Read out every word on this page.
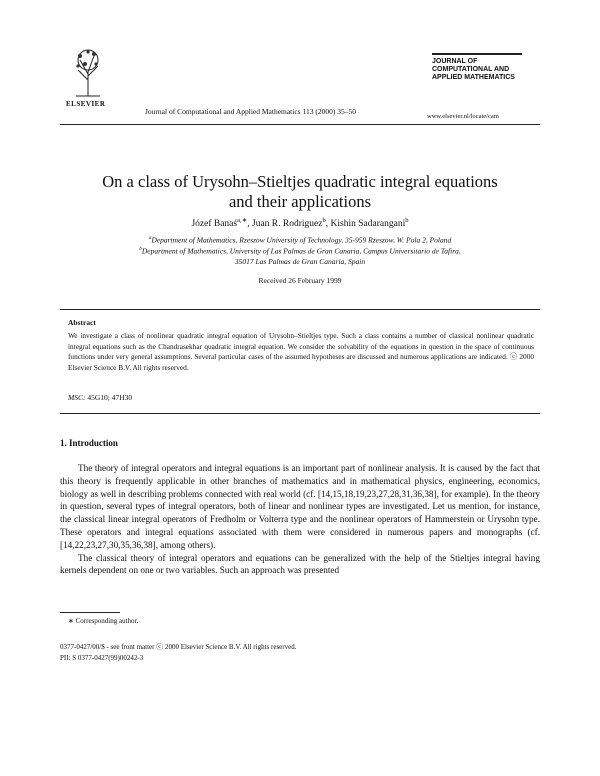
ELSEVIER
Journal of Computational and Applied Mathematics 113 (2000) 35–50
JOURNAL OF
COMPUTATIONAL AND
APPLIED MATHEMATICS
www.elsevier.nl/locate/cam
On a class of Urysohn–Stieltjes quadratic integral equations
and their applications
Józef Banaś$^{a,∗}$, Juan R. Rodriguez$^b$, Kishin Sadarangani$^b$
$^a$Department of Mathematics, Rzeszow University of Technology, 35-959 Rzeszow, W. Pola 2, Poland
$^b$Department of Mathematics, University of Las Palmas de Gran Canaria, Campus Universitario de Tafira,
35017 Las Palmas de Gran Canaria, Spain
Received 26 February 1999
Abstract
We investigate a class of nonlinear quadratic integral equation of Urysohn–Stieltjes type. Such a class contains a number of classical nonlinear quadratic integral equations such as the Chandrasekhar quadratic integral equation. We consider the solvability of the equations in question in the space of continuous functions under very general assumptions. Several particular cases of the assumed hypotheses are discussed and numerous applications are indicated. ⓒ 2000 Elsevier Science B.V. All rights reserved.
MSC: 45G10; 47H30
1. Introduction

The theory of integral operators and integral equations is an important part of nonlinear analysis. It is caused by the fact that this theory is frequently applicable in other branches of mathematics and in mathematical physics, engineering, economics, biology as well in describing problems connected with real world (cf. [14,15,18,19,23,27,28,31,36,38], for example). In the theory in question, several types of integral operators, both of linear and nonlinear types are investigated. Let us mention, for instance, the classical linear integral operators of Fredholm or Volterra type and the nonlinear operators of Hammerstein or Urysohn type. These operators and integral equations associated with them were considered in numerous papers and monographs (cf. [14,22,23,27,30,35,36,38], among others).

The classical theory of integral operators and equations can be generalized with the help of the Stieltjes integral having kernels dependent on one or two variables. Such an approach was presented

∗ Corresponding author.
0377-0427/00/$ - see front matter ⓒ 2000 Elsevier Science B.V. All rights reserved.
PII: S 0377-0427(99)00242-3
